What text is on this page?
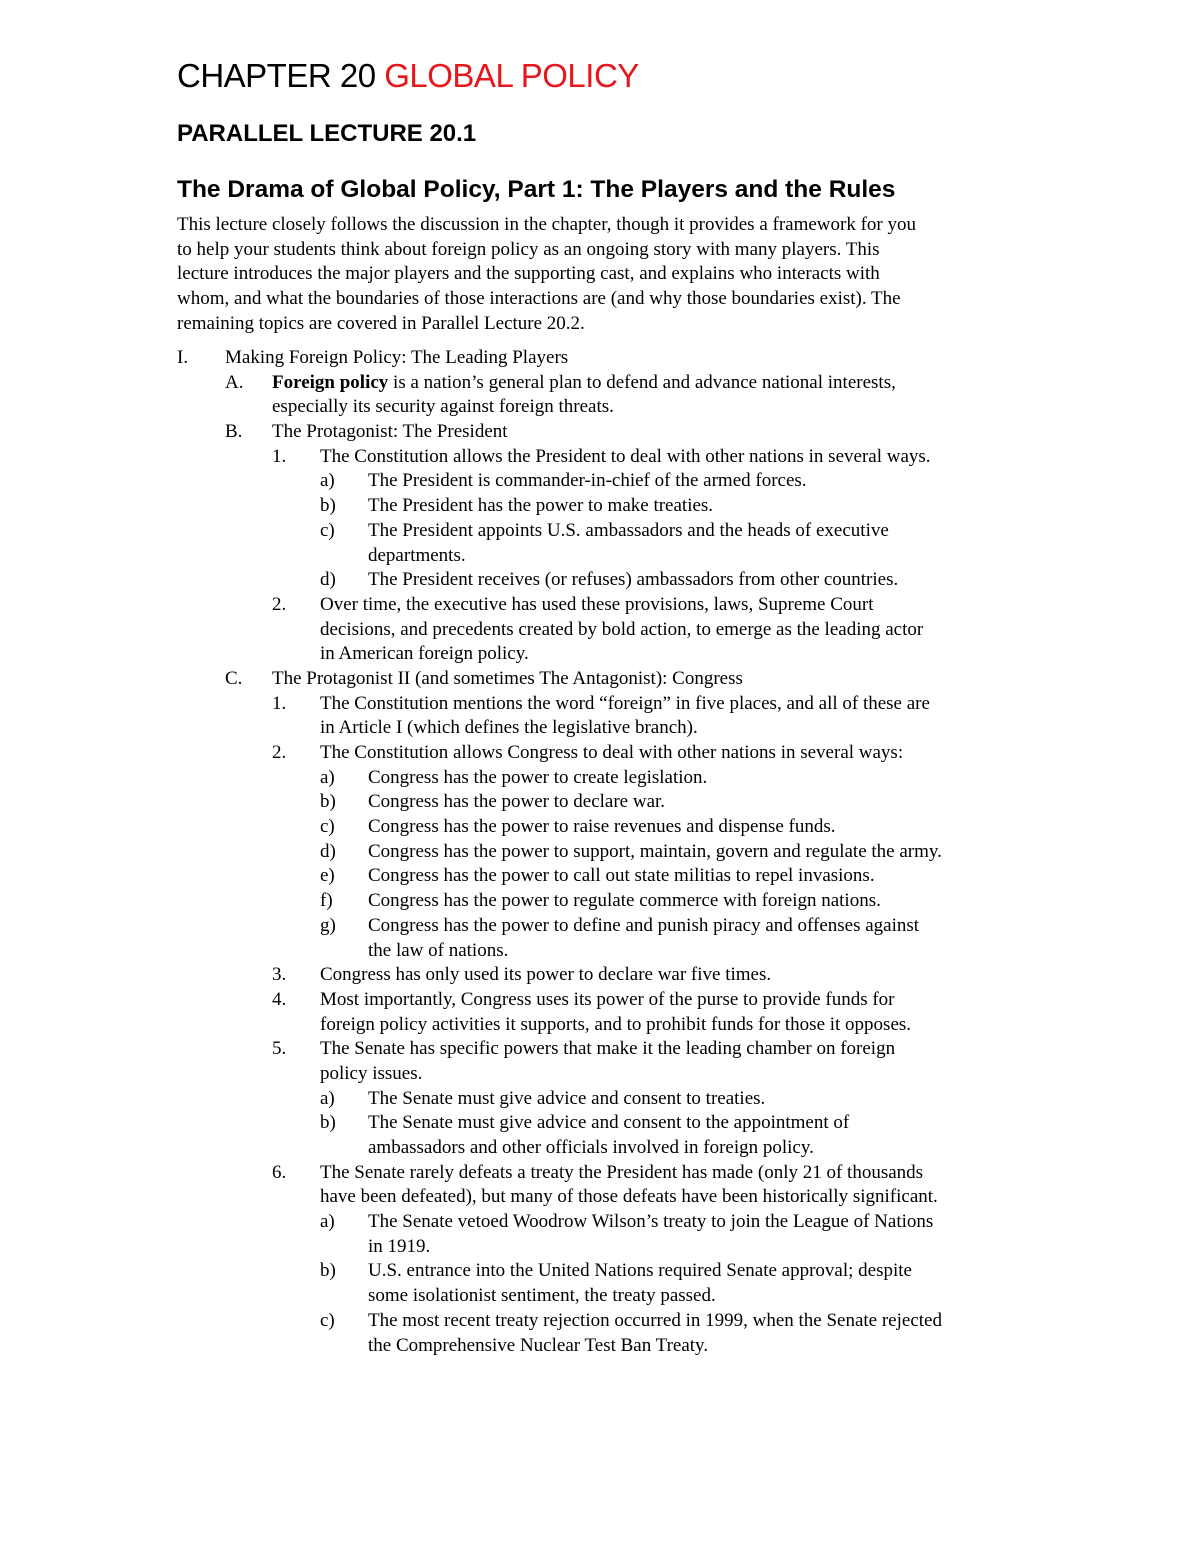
CHAPTER 20 GLOBAL POLICY
PARALLEL LECTURE 20.1
The Drama of Global Policy, Part 1: The Players and the Rules
This lecture closely follows the discussion in the chapter, though it provides a framework for you
to help your students think about foreign policy as an ongoing story with many players. This
lecture introduces the major players and the supporting cast, and explains who interacts with
whom, and what the boundaries of those interactions are (and why those boundaries exist). The
remaining topics are covered in Parallel Lecture 20.2.
I. Making Foreign Policy: The Leading Players
A. Foreign policy is a nation’s general plan to defend and advance national interests,
especially its security against foreign threats.
B. The Protagonist: The President
1. The Constitution allows the President to deal with other nations in several ways.
a) The President is commander-in-chief of the armed forces.
b) The President has the power to make treaties.
c) The President appoints U.S. ambassadors and the heads of executive
departments.
d) The President receives (or refuses) ambassadors from other countries.
2. Over time, the executive has used these provisions, laws, Supreme Court
decisions, and precedents created by bold action, to emerge as the leading actor
in American foreign policy.
C. The Protagonist II (and sometimes The Antagonist): Congress
1. The Constitution mentions the word “foreign” in five places, and all of these are
in Article I (which defines the legislative branch).
2. The Constitution allows Congress to deal with other nations in several ways:
a) Congress has the power to create legislation.
b) Congress has the power to declare war.
c) Congress has the power to raise revenues and dispense funds.
d) Congress has the power to support, maintain, govern and regulate the army.
e) Congress has the power to call out state militias to repel invasions.
f) Congress has the power to regulate commerce with foreign nations.
g) Congress has the power to define and punish piracy and offenses against
the law of nations.
3. Congress has only used its power to declare war five times.
4. Most importantly, Congress uses its power of the purse to provide funds for
foreign policy activities it supports, and to prohibit funds for those it opposes.
5. The Senate has specific powers that make it the leading chamber on foreign
policy issues.
a) The Senate must give advice and consent to treaties.
b) The Senate must give advice and consent to the appointment of
ambassadors and other officials involved in foreign policy.
6. The Senate rarely defeats a treaty the President has made (only 21 of thousands
have been defeated), but many of those defeats have been historically significant.
a) The Senate vetoed Woodrow Wilson’s treaty to join the League of Nations
in 1919.
b) U.S. entrance into the United Nations required Senate approval; despite
some isolationist sentiment, the treaty passed.
c) The most recent treaty rejection occurred in 1999, when the Senate rejected
the Comprehensive Nuclear Test Ban Treaty.
